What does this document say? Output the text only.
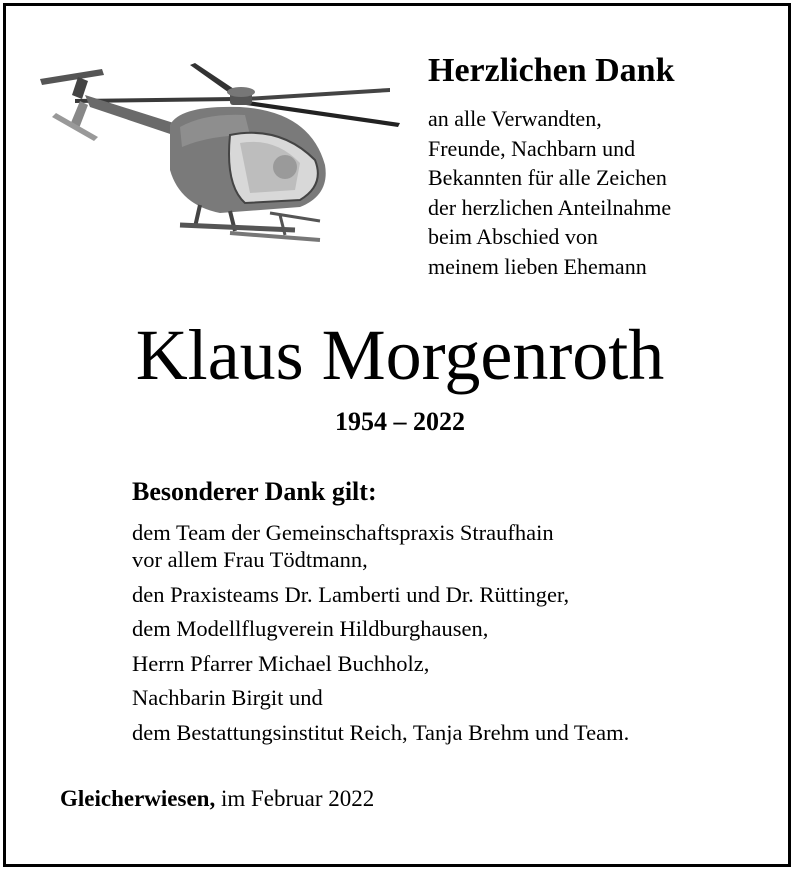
Herzlichen Dank
an alle Verwandten,
Freunde, Nachbarn und
Bekannten für alle Zeichen
der herzlichen Anteilnahme
beim Abschied von
meinem lieben Ehemann
Klaus Morgenroth
1954 – 2022
Besonderer Dank gilt:
dem Team der Gemeinschaftspraxis Straufhain
vor allem Frau Tödtmann,
den Praxisteams Dr. Lamberti und Dr. Rüttinger,
dem Modellflugverein Hildburghausen,
Herrn Pfarrer Michael Buchholz,
Nachbarin Birgit und
dem Bestattungsinstitut Reich, Tanja Brehm und Team.
Gleicherwiesen, im Februar 2022
